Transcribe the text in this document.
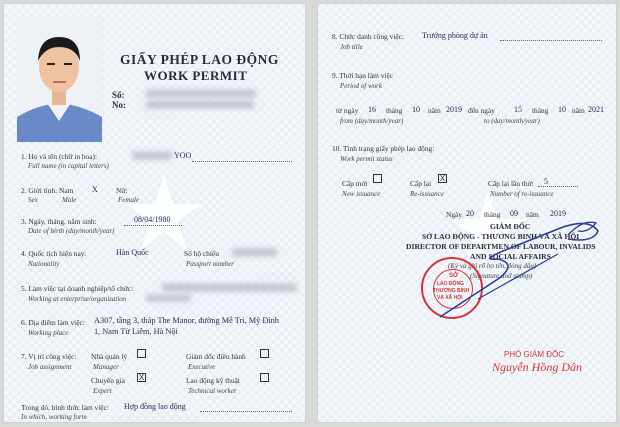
GIẤY PHÉP LAO ĐỘNG
WORK PERMIT
Số:
No:
1. Họ và tên (chữ in hoa):	YOO
Full name (in capital letters)
2. Giới tính: Nam X Nữ:
Sex	Male	Female
3. Ngày, tháng, năm sinh:	08/04/1980
Date of birth (day/month/year)
4. Quốc tịch hiện nay:	Hàn Quốc	Số hộ chiếu
Nationality	Passport number
5. Làm việc tại doanh nghiệp/tổ chức:
Working at enterprise/organization
6. Địa điểm làm việc: A307, tầng 3, tháp The Manor, đường Mễ Trì, Mỹ Đình
Working place	1, Nam Từ Liêm, Hà Nội
7. Vị trí công việc:
Job assignment
Nhà quản lý
Manager
Giám đốc điều hành
Executive
Chuyên gia X
Expert
Lao động kỹ thuật
Technical worker
Trong đó, hình thức làm việc: Hợp đồng lao động
In which, working form
8. Chức danh công việc: Trưởng phòng dự án
Job title
9. Thời hạn làm việc
Period of work
từ ngày 16 tháng 10 năm 2019 đến ngày 15 tháng 10 năm 2021
from (day/month/year)	to (day/month/year)
10. Tình trạng giấy phép lao động:
Work permit status
Cấp mới
New issuance
Cấp lại
X
Re-issuance
Cấp lại lần thứ: 5
Number of re-issuance
Ngày 20 tháng 09 năm 2019
GIÁM ĐỐC
SỞ LAO ĐỘNG - THƯƠNG BINH VÀ XÃ HỘI
DIRECTOR OF DEPARTMEN OF LABOUR, INVALIDS
AND SOCIAL AFFAIRS
(Ký và ghi rõ họ tên, đóng dấu)
(Signature and stamp)
SỞ
LAO ĐỘNG
THƯƠNG BINH
VÀ XÃ HỘI
PHÓ GIÁM ĐỐC
Nguyễn Hồng Dân
